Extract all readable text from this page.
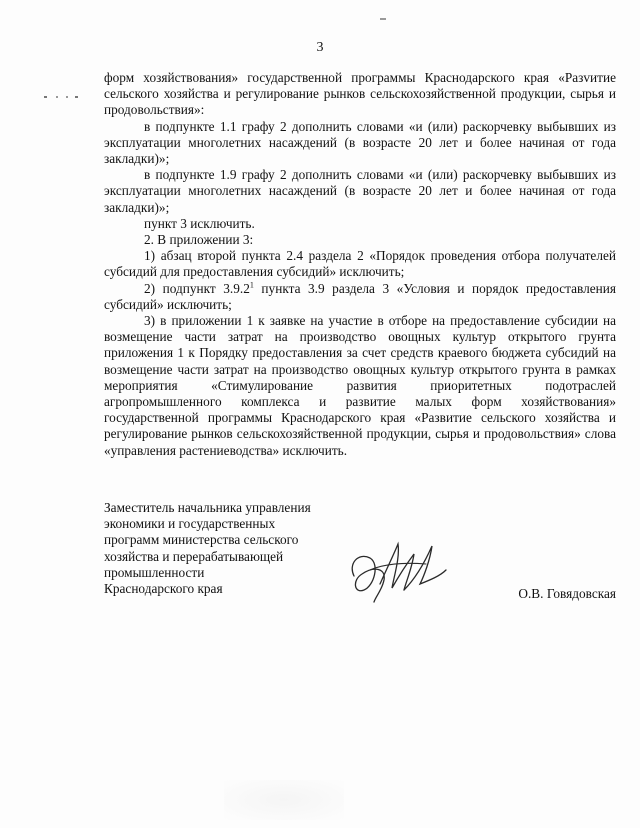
3

форм хозяйствования» государственной программы Краснодарского края «Разvитие сельского хозяйства и регулирование рынков сельскохозяйственной продукции, сырья и продовольствия»:

в подпункте 1.1 графу 2 дополнить словами «и (или) раскорчевку выбывших из эксплуатации многолетних насаждений (в возрасте 20 лет и более начиная от года закладки)»;

в подпункте 1.9 графу 2 дополнить словами «и (или) раскорчевку выбывших из эксплуатации многолетних насаждений (в возрасте 20 лет и более начиная от года закладки)»;

пункт 3 исключить.

2. В приложении 3:

1) абзац второй пункта 2.4 раздела 2 «Порядок проведения отбора получателей субсидий для предоставления субсидий» исключить;

2) подпункт 3.9.2$^1$ пункта 3.9 раздела 3 «Условия и порядок предоставления субсидий» исключить;

3) в приложении 1 к заявке на участие в отборе на предоставление субсидии на возмещение части затрат на производство овощных культур открытого грунта приложения 1 к Порядку предоставления за счет средств краевого бюджета субсидий на возмещение части затрат на производство овощных культур открытого грунта в рамках мероприятия «Стимулирование развития приоритетных подотраслей агропромышленного комплекса и развитие малых форм хозяйствования» государственной программы Краснодарского края «Развитие сельского хозяйства и регулирование рынков сельскохозяйственной продукции, сырья и продовольствия» слова «управления растениеводства» исключить.

Заместитель начальника управления
экономики и государственных
программ министерства сельского
хозяйства и перерабатывающей
промышленности
Краснодарского края	О.В. Говядовская
